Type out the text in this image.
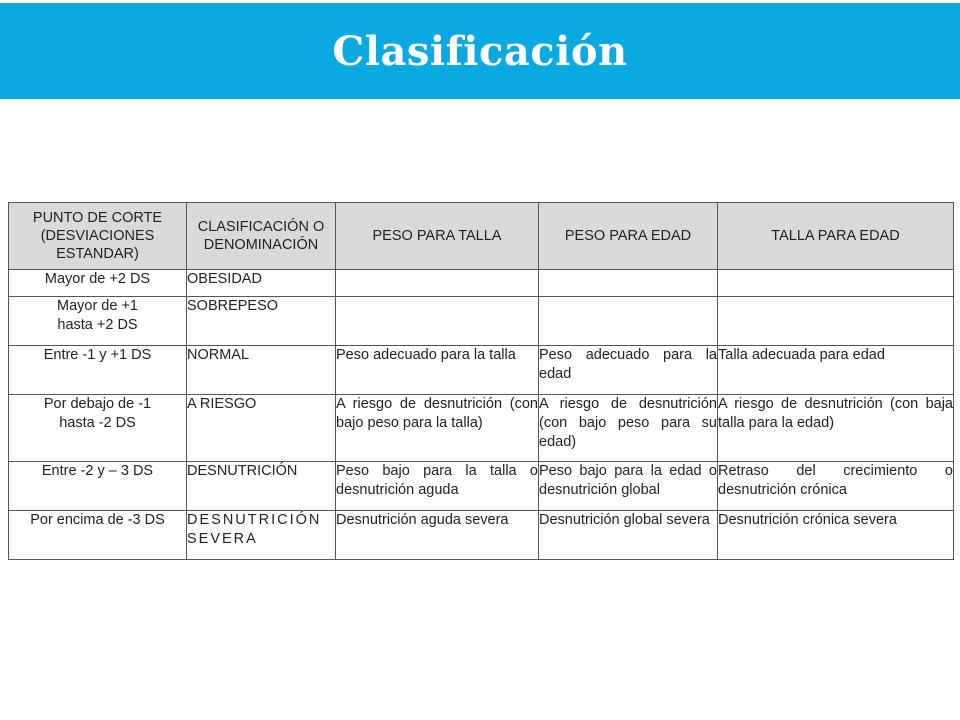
Clasificación
PUNTO DE CORTE (DESVIACIONES ESTANDAR)	CLASIFICACIÓN O DENOMINACIÓN	PESO PARA TALLA	PESO PARA EDAD	TALLA PARA EDAD
Mayor de +2 DS	OBESIDAD			
Mayor de +1 hasta +2 DS	SOBREPESO			
Entre -1 y +1 DS	NORMAL	Peso adecuado para la talla	Peso adecuado para la edad	Talla adecuada para edad
Por debajo de -1 hasta -2 DS	A RIESGO	A riesgo de desnutrición (con bajo peso para la talla)	A riesgo de desnutrición (con bajo peso para su edad)	A riesgo de desnutrición (con baja talla para la edad)
Entre -2 y – 3 DS	DESNUTRICIÓN	Peso bajo para la talla o desnutrición aguda	Peso bajo para la edad o desnutrición global	Retraso del crecimiento o desnutrición crónica
Por encima de -3 DS	DESNUTRICIÓN SEVERA	Desnutrición aguda severa	Desnutrición global severa	Desnutrición crónica severa
